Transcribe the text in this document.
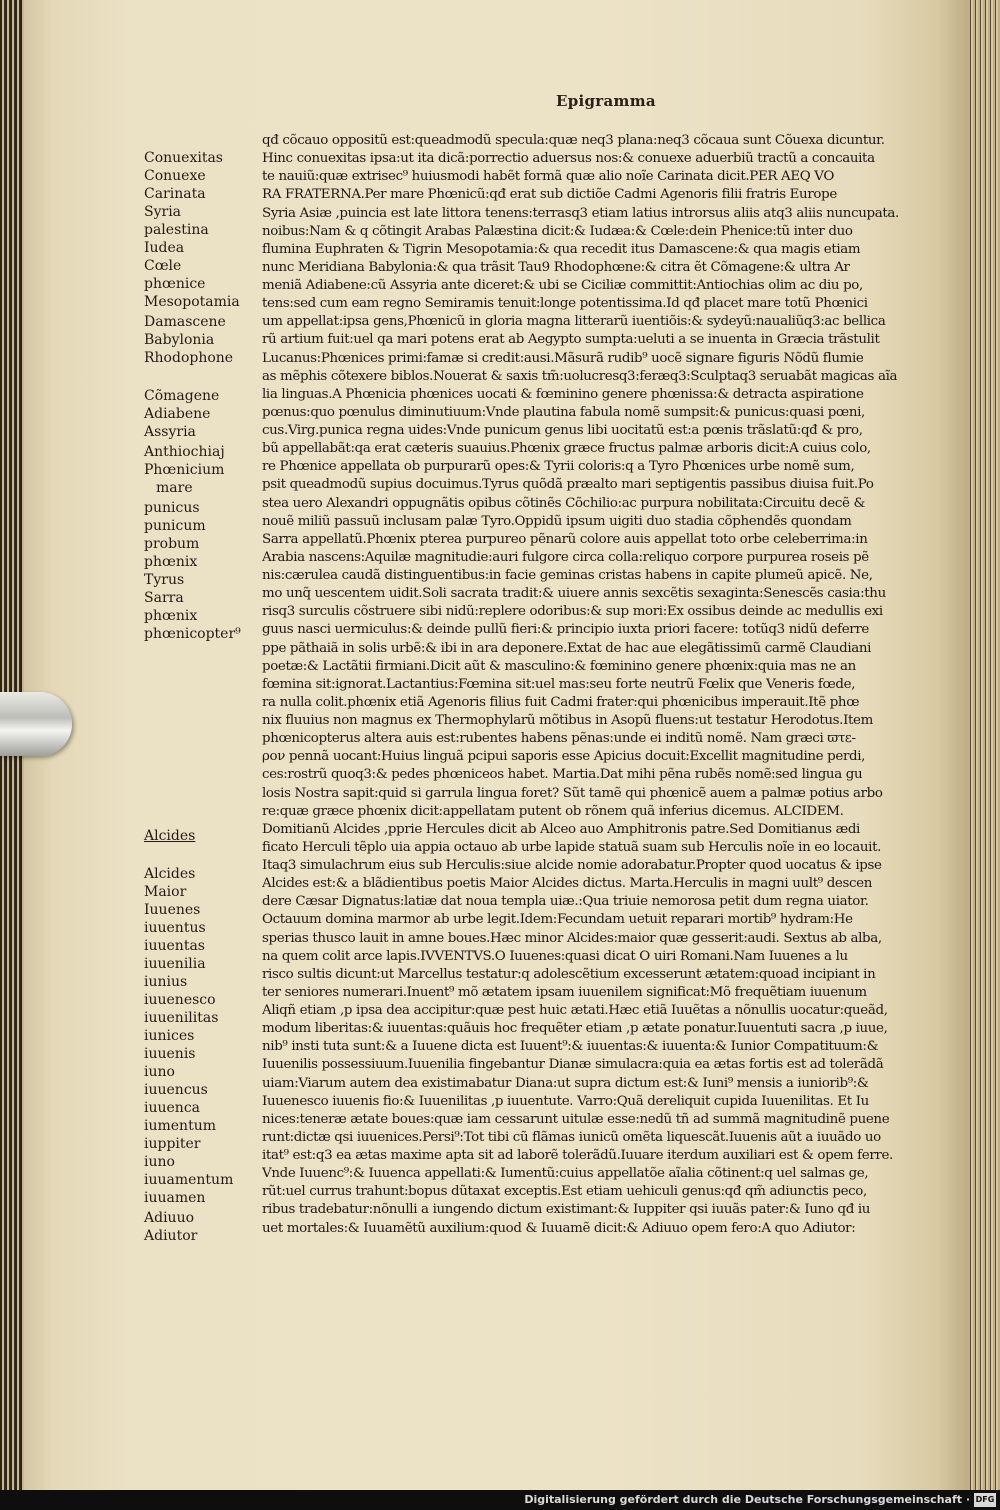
Epigramma
Conuexitas
Conuexe
Carinata
Syria
palestina
Iudea
Cœle
phœnice
Mesopotamia
Damascene
Babylonia
Rhodophone
Cõmagene
Adiabene
Assyria
Anthiochiaj
Phœnicium
mare
punicus
punicum
probum
phœnix
Tyrus
Sarra
phœnix
phœnicopter⁹
Alcides
Alcides
Maior
Iuuenes
iuuentus
iuuentas
iuuenilia
iunius
iuuenesco
iuuenilitas
iunices
iuuenis
iuno
iuuencus
iuuenca
iumentum
iuppiter
iuno
iuuamentum
iuuamen
Adiuuo
Adiutor
qđ cõcauo oppositũ est:queadmodũ specula:quæ neq3 plana:neq3 cõcaua sunt Cõuexa dicuntur.
Hinc conuexitas ipsa:ut ita dicã:porrectio aduersus nos:& conuexe aduerbiũ tractũ a concauita
te nauiũ:quæ extrisec⁹ huiusmodi habẽt formã quæ alio noĩe Carinata dicit.PER AEQ VO
RA FRATERNA.Per mare Phœnicũ:qđ erat sub dictiõe Cadmi Agenoris filii fratris Europe
Syria Asiæ ,puincia est late littora tenens:terrasq3 etiam latius introrsus aliis atq3 aliis nuncupata.
noibus:Nam & q cõtingit Arabas Palæstina dicit:& Iudæa:& Cœle:dein Phenice:tũ inter duo
flumina Euphraten & Tigrin Mesopotamia:& qua recedit itus Damascene:& qua magis etiam
nunc Meridiana Babylonia:& qua trãsit Tau9 Rhodophœne:& citra ẽt Cõmagene:& ultra Ar
meniã Adiabene:cũ Assyria ante diceret:& ubi se Ciciliæ committit:Antiochias olim ac diu po,
tens:sed cum eam regno Semiramis tenuit:longe potentissima.Id qđ placet mare totũ Phœnici
um appellat:ipsa gens,Phœnicũ in gloria magna litterarũ iuentiõis:& sydeyũ:naualiũq3:ac bellica
rũ artium fuit:uel qa mari potens erat ab Aegypto sumpta:ueluti a se inuenta in Græcia trãstulit
Lucanus:Phœnices primi:famæ si credit:ausi.Mãsurã rudib⁹ uocẽ signare figuris Nõdũ flumie
as mẽphis cõtexere biblos.Nouerat & saxis tm̃:uolucresq3:feræq3:Sculptaq3 seruabãt magicas aĩa
lia linguas.A Phœnicia phœnices uocati & fœminino genere phœnissa:& detracta aspiratione
pœnus:quo pœnulus diminutiuum:Vnde plautina fabula nomẽ sumpsit:& punicus:quasi pœni,
cus.Virg.punica regna uides:Vnde punicum genus libi uocitatũ est:a pœnis trãslatũ:qđ & pro,
bũ appellabãt:qa erat cæteris suauius.Phœnix græce fructus palmæ arboris dicit:A cuius colo,
re Phœnice appellata ob purpurarũ opes:& Tyrii coloris:q a Tyro Phœnices urbe nomẽ sum,
psit queadmodũ supius docuimus.Tyrus quõdã præalto mari septigentis passibus diuisa fuit.Po
stea uero Alexandri oppugnãtis opibus cõtinẽs Cõchilio:ac purpura nobilitata:Circuitu decẽ &
nouẽ miliũ passuũ inclusam palæ Tyro.Oppidũ ipsum uigiti duo stadia cõphendẽs quondam
Sarra appellatũ.Phœnix pterea purpureo pẽnarũ colore auis appellat toto orbe celeberrima:in
Arabia nascens:Aquilæ magnitudie:auri fulgore circa colla:reliquo corpore purpurea roseis pẽ
nis:cærulea caudã distinguentibus:in facie geminas cristas habens in capite plumeũ apicẽ. Ne,
mo unq̃ uescentem uidit.Soli sacrata tradit:& uiuere annis sexcẽtis sexaginta:Senescẽs casia:thu
risq3 surculis cõstruere sibi nidũ:replere odoribus:& sup mori:Ex ossibus deinde ac medullis exi
guus nasci uermiculus:& deinde pullũ fieri:& principio iuxta priori facere: totũq3 nidũ deferre
ppe pãthaiã in solis urbẽ:& ibi in ara deponere.Extat de hac aue elegãtissimũ carmẽ Claudiani
poetæ:& Lactãtii firmiani.Dicit aũt & masculino:& fœminino genere phœnix:quia mas ne an
fœmina sit:ignorat.Lactantius:Fœmina sit:uel mas:seu forte neutrũ Fœlix que Veneris fœde,
ra nulla colit.phœnix etiã Agenoris filius fuit Cadmi frater:qui phœnicibus imperauit.Itẽ phœ
nix fluuius non magnus ex Thermophylarũ mõtibus in Asopũ fluens:ut testatur Herodotus.Item
phœnicopterus altera auis est:rubentes habens pẽnas:unde ei inditũ nomẽ. Nam græci ϖτε-
ρον pennã uocant:Huius linguã pcipui saporis esse Apicius docuit:Excellit magnitudine perdi,
ces:rostrũ quoq3:& pedes phœniceos habet. Martia.Dat mihi pẽna rubẽs nomẽ:sed lingua gu
losis Nostra sapit:quid si garrula lingua foret? Sũt tamẽ qui phœnicẽ auem a palmæ potius arbo
re:quæ græce phœnix dicit:appellatam putent ob rõnem quã inferius dicemus. ALCIDEM.
Domitianũ Alcides ,pprie Hercules dicit ab Alceo auo Amphitronis patre.Sed Domitianus ædi
ficato Herculi tẽplo uia appia octauo ab urbe lapide statuã suam sub Herculis noĩe in eo locauit.
Itaq3 simulachrum eius sub Herculis:siue alcide nomie adorabatur.Propter quod uocatus & ipse
Alcides est:& a blãdientibus poetis Maior Alcides dictus. Marta.Herculis in magni uult⁹ descen
dere Cæsar Dignatus:latiæ dat noua templa uiæ.:Qua triuie nemorosa petit dum regna uiator.
Octauum domina marmor ab urbe legit.Idem:Fecundam uetuit reparari mortib⁹ hydram:He
sperias thusco lauit in amne boues.Hæc minor Alcides:maior quæ gesserit:audi. Sextus ab alba,
na quem colit arce lapis.IVVENTVS.O Iuuenes:quasi dicat O uiri Romani.Nam Iuuenes a lu
risco sultis dicunt:ut Marcellus testatur:q adolescẽtium excesserunt ætatem:quoad incipiant in
ter seniores numerari.Inuent⁹ mõ ætatem ipsam iuuenilem significat:Mõ frequẽtiam iuuenum
Aliqñ etiam ,p ipsa dea accipitur:quæ pest huic ætati.Hæc etiã Iuuẽtas a nõnullis uocatur:queãd,
modum liberitas:& iuuentas:quãuis hoc frequẽter etiam ,p ætate ponatur.Iuuentuti sacra ,p iuue,
nib⁹ insti tuta sunt:& a Iuuene dicta est Iuuent⁹:& iuuentas:& iuuenta:& Iunior Compatituum:&
Iuuenilis possessiuum.Iuuenilia fingebantur Dianæ simulacra:quia ea ætas fortis est ad tolerãdã
uiam:Viarum autem dea existimabatur Diana:ut supra dictum est:& Iuni⁹ mensis a iuniorib⁹:&
Iuuenesco iuuenis fio:& Iuuenilitas ,p iuuentute. Varro:Quã dereliquit cupida Iuuenilitas. Et Iu
nices:teneræ ætate boues:quæ iam cessarunt uitulæ esse:nedũ tñ ad summã magnitudinẽ puene
runt:dictæ qsi iuuenices.Persi⁹:Tot tibi cũ flãmas iunicũ omẽta liquescãt.Iuuenis aũt a iuuãdo uo
itat⁹ est:q3 ea ætas maxime apta sit ad laborẽ tolerãdũ.Iuuare iterdum auxiliari est & opem ferre.
Vnde Iuuenc⁹:& Iuuenca appellati:& Iumentũ:cuius appellatõe aĩalia cõtinent:q uel salmas ge,
rũt:uel currus trahunt:bopus dũtaxat exceptis.Est etiam uehiculi genus:qđ qm̃ adiunctis peco,
ribus tradebatur:nõnulli a iungendo dictum existimant:& Iuppiter qsi iuuãs pater:& Iuno qđ iu
uet mortales:& Iuuamẽtũ auxilium:quod & Iuuamẽ dicit:& Adiuuo opem fero:A quo Adiutor:
Digitalisierung gefördert durch die Deutsche Forschungsgemeinschaft · DFG
